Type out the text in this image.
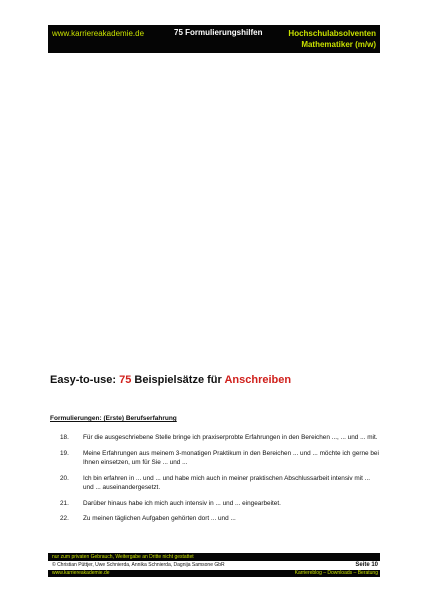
www.karriereakademie.de	75 Formulierungshilfen	Hochschulabsolventen
Mathematiker (m/w)
Easy-to-use: 75 Beispielsätze für Anschreiben
Formulierungen: (Erste) Berufserfahrung
18.	Für die ausgeschriebene Stelle bringe ich praxiserprobte Erfahrungen in den Bereichen ..., ... und ... mit.
19.	Meine Erfahrungen aus meinem 3-monatigen Praktikum in den Bereichen ... und ... möchte ich gerne bei Ihnen einsetzen, um für Sie ... und ...
20.	Ich bin erfahren in ... und ... und habe mich auch in meiner praktischen Abschlussarbeit intensiv mit ... und ... auseinandergesetzt.
21.	Darüber hinaus habe ich mich auch intensiv in ... und ... eingearbeitet.
22.	Zu meinen täglichen Aufgaben gehörten dort ... und ...
nur zum privaten Gebrauch, Weitergabe an Dritte nicht gestattet
© Christian Püttjer, Uwe Schnierda, Annika Schnierda, Dagnija Samsone GbR	Seite 10
www.karriereakademie.de	Karriereblog – Downloads – Beratung
